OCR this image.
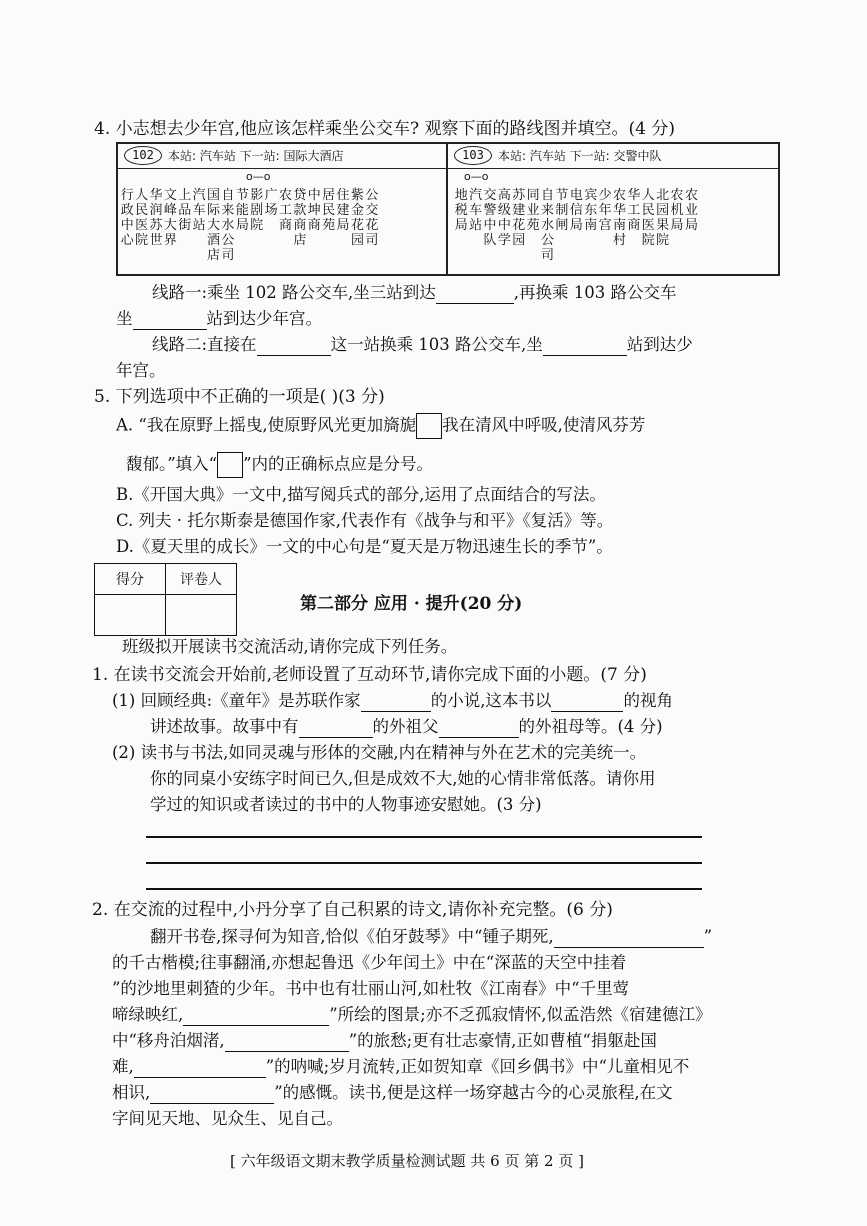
4. 小志想去少年宫,他应该怎样乘坐公交车? 观察下面的路线图并填空。(4 分)
102	本站: 汽车站 下一站: 国际大酒店
o—o
行政中心
人民医院
华润苏世
文峰大界
上品街
汽车站
国际大酒店
自来水公司
节能局
影剧院
广场
农工商
贷款商店
中坤商
居民苑
住建局
紫金花园
公交花司
103	本站: 汽车站 下一站: 交警中队
o—o
地税局
汽车站
交警中队
高级中学
苏建花园
同业苑
自来水公司
节制闸
电信局
宾东南
少年宫
农华南村
华工商
人民医院
北园果院
农机局
农业局
线路一:乘坐 102 路公交车,坐三站到达	,再换乘 103 路公交车
坐	站到达少年宫。
线路二:直接在	这一站换乘 103 路公交车,坐	站到达少
年宫。
5. 下列选项中不正确的一项是( )(3 分)
A. “我在原野上摇曳,使原野风光更加旖旎 我在清风中呼吸,使清风芬芳
馥郁。”填入“ ”内的正确标点应是分号。
B.《开国大典》一文中,描写阅兵式的部分,运用了点面结合的写法。
C. 列夫 · 托尔斯泰是德国作家,代表作有《战争与和平》《复活》等。
D.《夏天里的成长》一文的中心句是“夏天是万物迅速生长的季节”。
得分	评卷人

第二部分 应用 · 提升(20 分)
班级拟开展读书交流活动,请你完成下列任务。
1. 在读书交流会开始前,老师设置了互动环节,请你完成下面的小题。(7 分)
(1) 回顾经典:《童年》是苏联作家	的小说,这本书以	的视角
讲述故事。故事中有	的外祖父	的外祖母等。(4 分)
(2) 读书与书法,如同灵魂与形体的交融,内在精神与外在艺术的完美统一。
你的同桌小安练字时间已久,但是成效不大,她的心情非常低落。请你用
学过的知识或者读过的书中的人物事迹安慰她。(3 分)
2. 在交流的过程中,小丹分享了自己积累的诗文,请你补充完整。(6 分)
翻开书卷,探寻何为知音,恰似《伯牙鼓琴》中“锺子期死,	”
的千古楷模;往事翻涌,亦想起鲁迅《少年闰土》中在“深蓝的天空中挂着
”的沙地里刺猹的少年。书中也有壮丽山河,如杜牧《江南春》中“千里莺
啼绿映红,	”所绘的图景;亦不乏孤寂情怀,似孟浩然《宿建德江》
中“移舟泊烟渚,	”的旅愁;更有壮志豪情,正如曹植“捐躯赴国
难,	”的呐喊;岁月流转,正如贺知章《回乡偶书》中“儿童相见不
相识,	”的感慨。读书,便是这样一场穿越古今的心灵旅程,在文
字间见天地、见众生、见自己。
[ 六年级语文期末教学质量检测试题 共 6 页 第 2 页 ]
